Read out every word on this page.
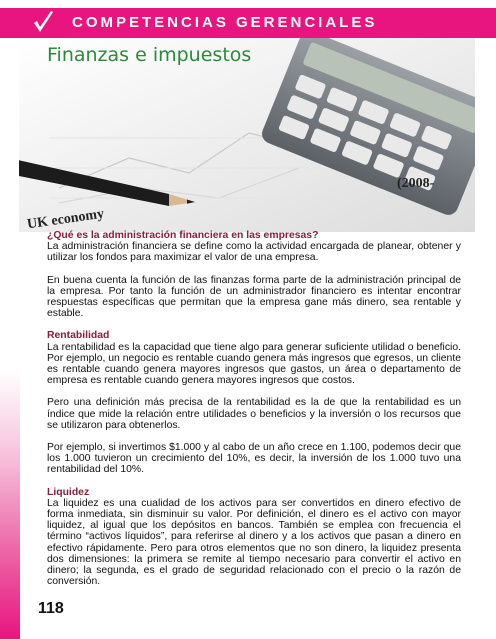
COMPETENCIAS GERENCIALES
Finanzas e impuestos
UK economy
(2008-
¿Qué es la administración financiera en las empresas?

La administración financiera se define como la actividad encargada de planear, obtener y utilizar los fondos para maximizar el valor de una empresa.

En buena cuenta la función de las finanzas forma parte de la administración principal de la empresa. Por tanto la función de un administrador financiero es intentar encontrar respuestas específicas que permitan que la empresa gane más dinero, sea rentable y estable.

Rentabilidad

La rentabilidad es la capacidad que tiene algo para generar suficiente utilidad o beneficio. Por ejemplo, un negocio es rentable cuando genera más ingresos que egresos, un cliente es rentable cuando genera mayores ingresos que gastos, un área o departamento de empresa es rentable cuando genera mayores ingresos que costos.

Pero una definición más precisa de la rentabilidad es la de que la rentabilidad es un índice que mide la relación entre utilidades o beneficios y la inversión o los recursos que se utilizaron para obtenerlos.

Por ejemplo, si invertimos $1.000 y al cabo de un año crece en 1.100, podemos decir que los 1.000 tuvieron un crecimiento del 10%, es decir, la inversión de los 1.000 tuvo una rentabilidad del 10%.

Liquidez

La liquidez es una cualidad de los activos para ser convertidos en dinero efectivo de forma inmediata, sin disminuir su valor. Por definición, el dinero es el activo con mayor liquidez, al igual que los depósitos en bancos. También se emplea con frecuencia el término “activos líquidos”, para referirse al dinero y a los activos que pasan a dinero en efectivo rápidamente. Pero para otros elementos que no son dinero, la liquidez presenta dos dimensiones: la primera se remite al tiempo necesario para convertir el activo en dinero; la segunda, es el grado de seguridad relacionado con el precio o la razón de conversión.

118
